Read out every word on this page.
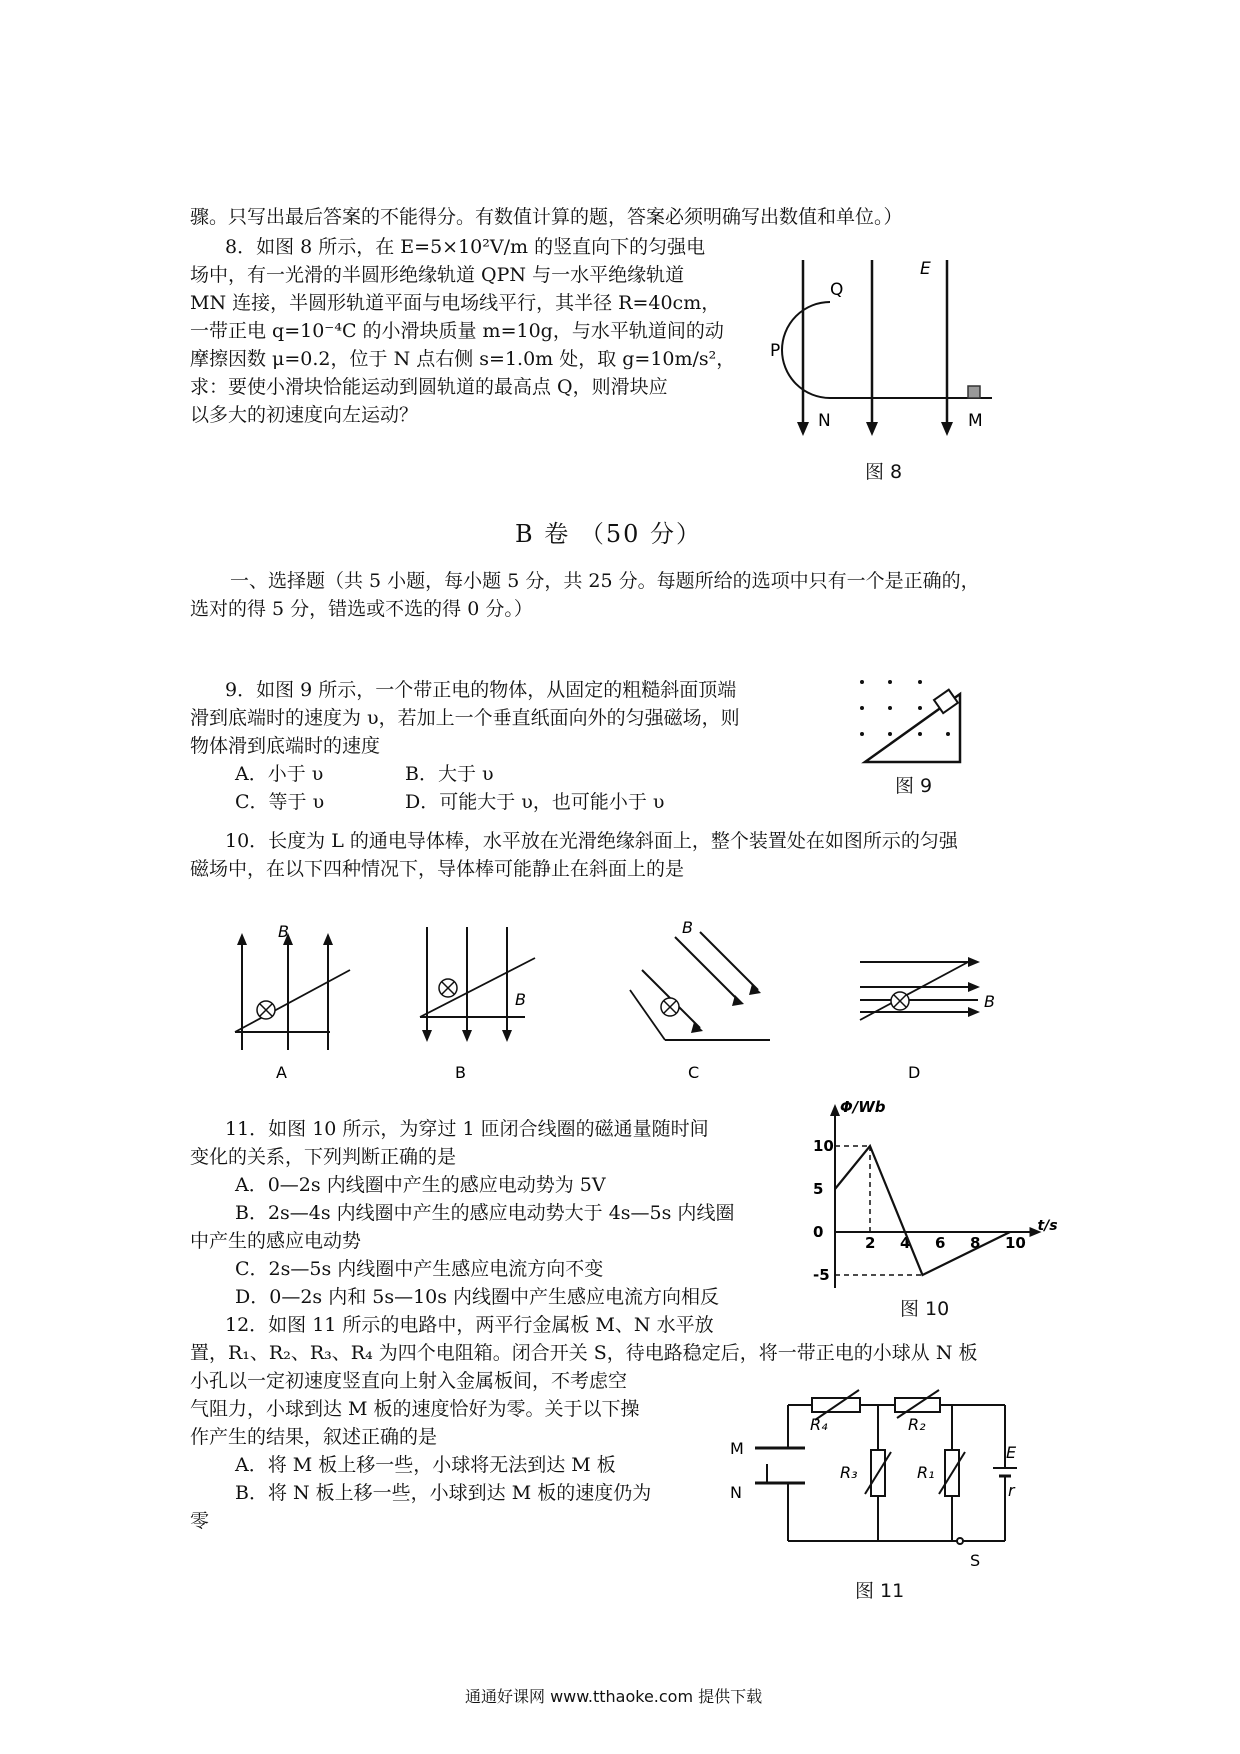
骤。只写出最后答案的不能得分。有数值计算的题，答案必须明确写出数值和单位。）
8．如图 8 所示，在 E=5×10²V/m 的竖直向下的匀强电
场中，有一光滑的半圆形绝缘轨道 QPN 与一水平绝缘轨道
MN 连接，半圆形轨道平面与电场线平行，其半径 R=40cm，
一带正电 q=10⁻⁴C 的小滑块质量 m=10g，与水平轨道间的动
摩擦因数 μ=0.2，位于 N 点右侧 s=1.0m 处，取 g=10m/s²，
求：要使小滑块恰能运动到圆轨道的最高点 Q，则滑块应
以多大的初速度向左运动？
Q
P
N	M
E
图 8
B 卷 （50 分）
一、选择题（共 5 小题，每小题 5 分，共 25 分。每题所给的选项中只有一个是正确的，
选对的得 5 分，错选或不选的得 0 分。）
9．如图 9 所示，一个带正电的物体，从固定的粗糙斜面顶端
滑到底端时的速度为 υ，若加上一个垂直纸面向外的匀强磁场，则
物体滑到底端时的速度
A．小于 υ	B．大于 υ
C．等于 υ	D．可能大于 υ，也可能小于 υ
图 9
10．长度为 L 的通电导体棒，水平放在光滑绝缘斜面上，整个装置处在如图所示的匀强
磁场中，在以下四种情况下，导体棒可能静止在斜面上的是
B
A
B
B
B
C
B
D
11．如图 10 所示，为穿过 1 匝闭合线圈的磁通量随时间
变化的关系，下列判断正确的是
A．0—2s 内线圈中产生的感应电动势为 5V
B．2s—4s 内线圈中产生的感应电动势大于 4s—5s 内线圈
中产生的感应电动势
C．2s—5s 内线圈中产生感应电流方向不变
D．0—2s 内和 5s—10s 内线圈中产生感应电流方向相反
Φ/Wb
t/s
2 4 6 8 10
10
5
0
-5
图 10
12．如图 11 所示的电路中，两平行金属板 M、N 水平放
置，R₁、R₂、R₃、R₄ 为四个电阻箱。闭合开关 S，待电路稳定后，将一带正电的小球从 N 板
小孔以一定初速度竖直向上射入金属板间，不考虑空
气阻力，小球到达 M 板的速度恰好为零。关于以下操
作产生的结果，叙述正确的是
A．将 M 板上移一些，小球将无法到达 M 板
B．将 N 板上移一些，小球到达 M 板的速度仍为
零
R₄	R₂
R₃	R₁
E
r
M
N
S
图 11
通通好课网 www.tthaoke.com 提供下载
